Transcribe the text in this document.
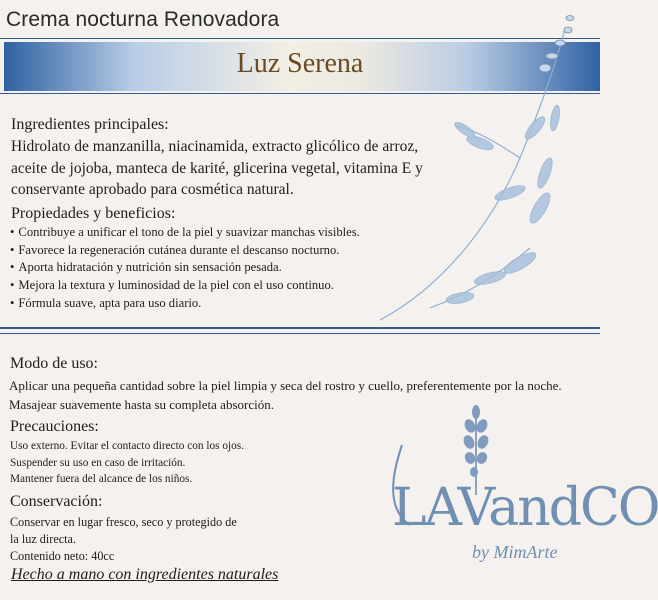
Crema nocturna Renovadora
Luz Serena
Ingredientes principales:
Hidrolato de manzanilla, niacinamida, extracto glicólico de arroz, aceite de jojoba, manteca de karité, glicerina vegetal, vitamina E y conservante aprobado para cosmética natural.
Propiedades y beneficios:
• Contribuye a unificar el tono de la piel y suavizar manchas visibles.
• Favorece la regeneración cutánea durante el descanso nocturno.
• Aporta hidratación y nutrición sin sensación pesada.
• Mejora la textura y luminosidad de la piel con el uso continuo.
• Fórmula suave, apta para uso diario.
Modo de uso:
Aplicar una pequeña cantidad sobre la piel limpia y seca del rostro y cuello, preferentemente por la noche. Masajear suavemente hasta su completa absorción.
Precauciones:
Uso externo. Evitar el contacto directo con los ojos.
Suspender su uso en caso de irritación.
Mantener fuera del alcance de los niños.
Conservación:
Conservar en lugar fresco, seco y protegido de
la luz directa.
Contenido neto: 40cc
Hecho a mano con ingredientes naturales
LAVandCO
by MimArte
